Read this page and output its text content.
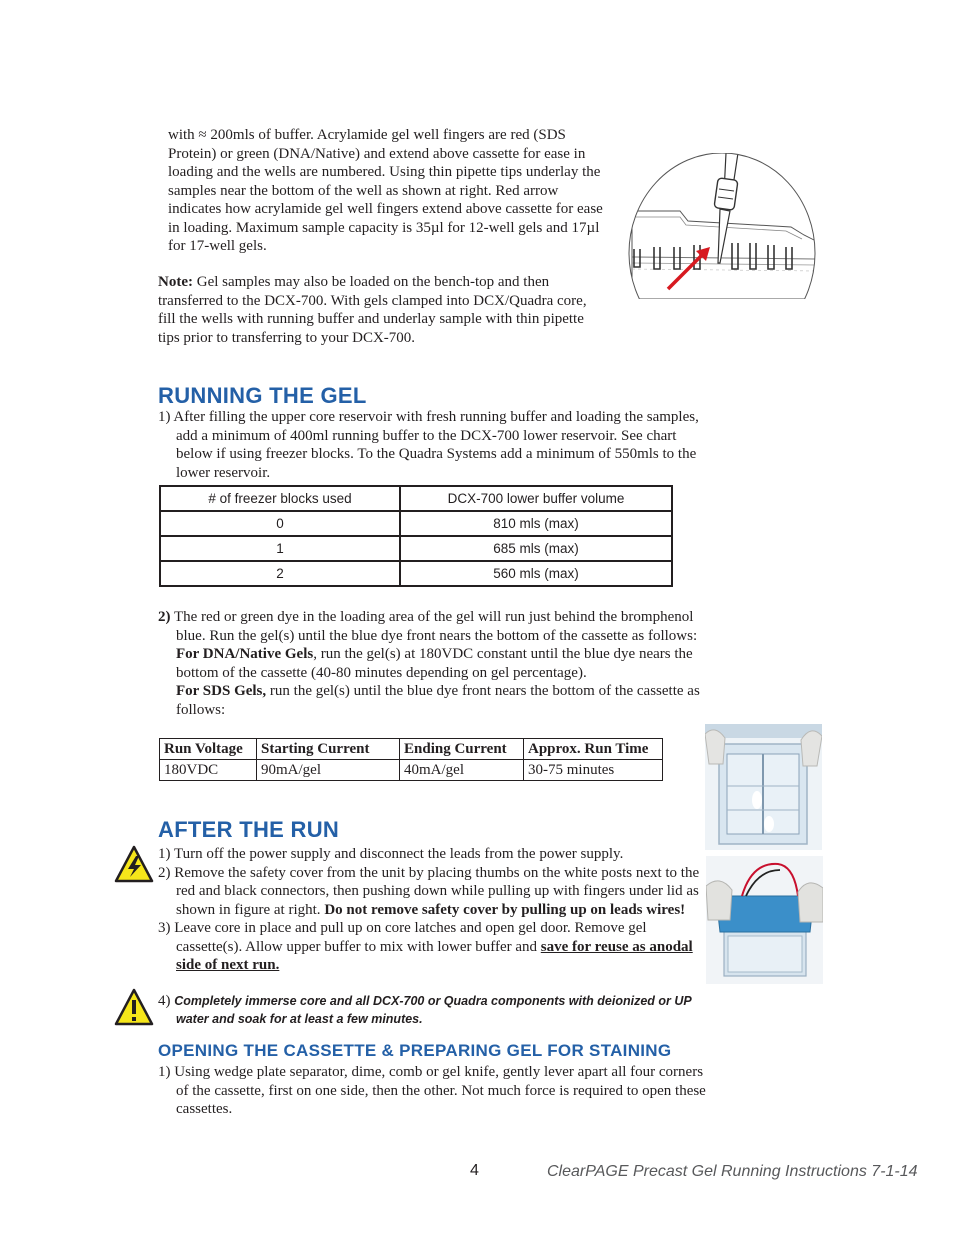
with ≈ 200mls of buffer. Acrylamide gel well fingers are red (SDS Protein) or green (DNA/Native) and extend above cassette for ease in loading and the wells are numbered. Using thin pipette tips underlay the samples near the bottom of the well as shown at right. Red arrow indicates how acrylamide gel well fingers extend above cassette for ease in loading. Maximum sample capacity is 35µl for 12-well gels and 17µl for 17-well gels.

Note: Gel samples may also be loaded on the bench-top and then transferred to the DCX-700. With gels clamped into DCX/Quadra core, fill the wells with running buffer and underlay sample with thin pipette tips prior to transferring to your DCX-700.

RUNNING THE GEL

1) After filling the upper core reservoir with fresh running buffer and loading the samples, add a minimum of 400ml running buffer to the DCX-700 lower reservoir. See chart below if using freezer blocks. To the Quadra Systems add a minimum of 550mls to the lower reservoir.

# of freezer blocks used	DCX-700 lower buffer volume
0	810 mls (max)
1	685 mls (max)
2	560 mls (max)

2) The red or green dye in the loading area of the gel will run just behind the bromphenol blue. Run the gel(s) until the blue dye front nears the bottom of the cassette as follows:

For DNA/Native Gels, run the gel(s) at 180VDC constant until the blue dye nears the bottom of the cassette (40-80 minutes depending on gel percentage).

For SDS Gels, run the gel(s) until the blue dye front nears the bottom of the cassette as follows:

Run Voltage	Starting Current	Ending Current	Approx. Run Time
180VDC	90mA/gel	40mA/gel	30-75 minutes
AFTER THE RUN

1) Turn off the power supply and disconnect the leads from the power supply.

2) Remove the safety cover from the unit by placing thumbs on the white posts next to the red and black connectors, then pushing down while pulling up with fingers under lid as shown in figure at right. Do not remove safety cover by pulling up on leads wires!

3) Leave core in place and pull up on core latches and open gel door. Remove gel cassette(s). Allow upper buffer to mix with lower buffer and save for reuse as anodal side of next run.

4) Completely immerse core and all DCX-700 or Quadra components with deionized or UP water and soak for at least a few minutes.

OPENING THE CASSETTE & PREPARING GEL FOR STAINING

1) Using wedge plate separator, dime, comb or gel knife, gently lever apart all four corners of the cassette, first on one side, then the other. Not much force is required to open these cassettes.

4	ClearPAGE Precast Gel Running Instructions 7-1-14
